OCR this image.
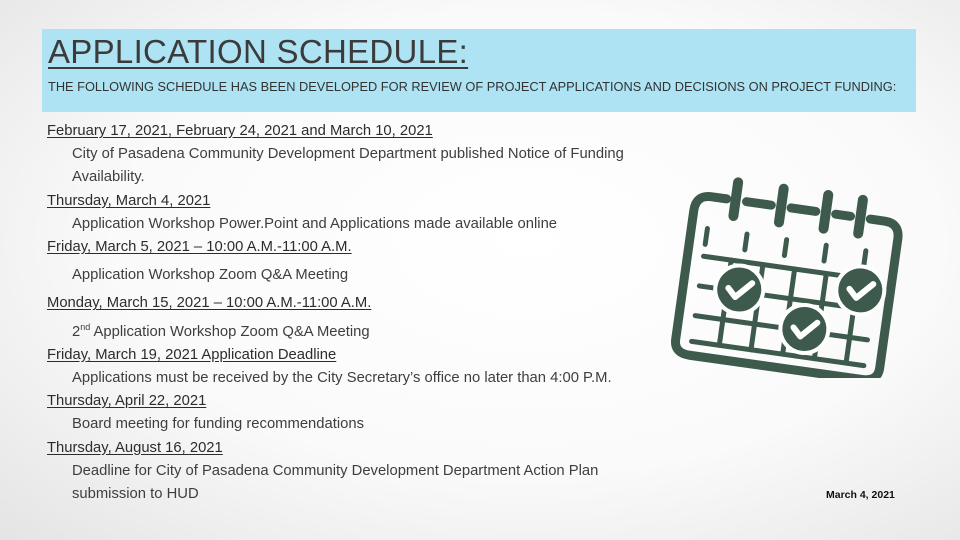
APPLICATION SCHEDULE:

THE FOLLOWING SCHEDULE HAS BEEN DEVELOPED FOR REVIEW OF PROJECT APPLICATIONS AND DECISIONS ON PROJECT FUNDING:

February 17, 2021, February 24, 2021 and March 10, 2021
City of Pasadena Community Development Department published Notice of Funding Availability.
Thursday, March 4, 2021
Application Workshop Power.Point and Applications made available online
Friday, March 5, 2021 – 10:00 A.M.-11:00 A.M.
Application Workshop Zoom Q&A Meeting
Monday, March 15, 2021 – 10:00 A.M.-11:00 A.M.
2nd Application Workshop Zoom Q&A Meeting
Friday, March 19, 2021 Application Deadline
Applications must be received by the City Secretary’s office no later than 4:00 P.M.
Thursday, April 22, 2021
Board meeting for funding recommendations
Thursday, August 16, 2021
Deadline for City of Pasadena Community Development Department Action Plan submission to HUD	March 4, 2021
